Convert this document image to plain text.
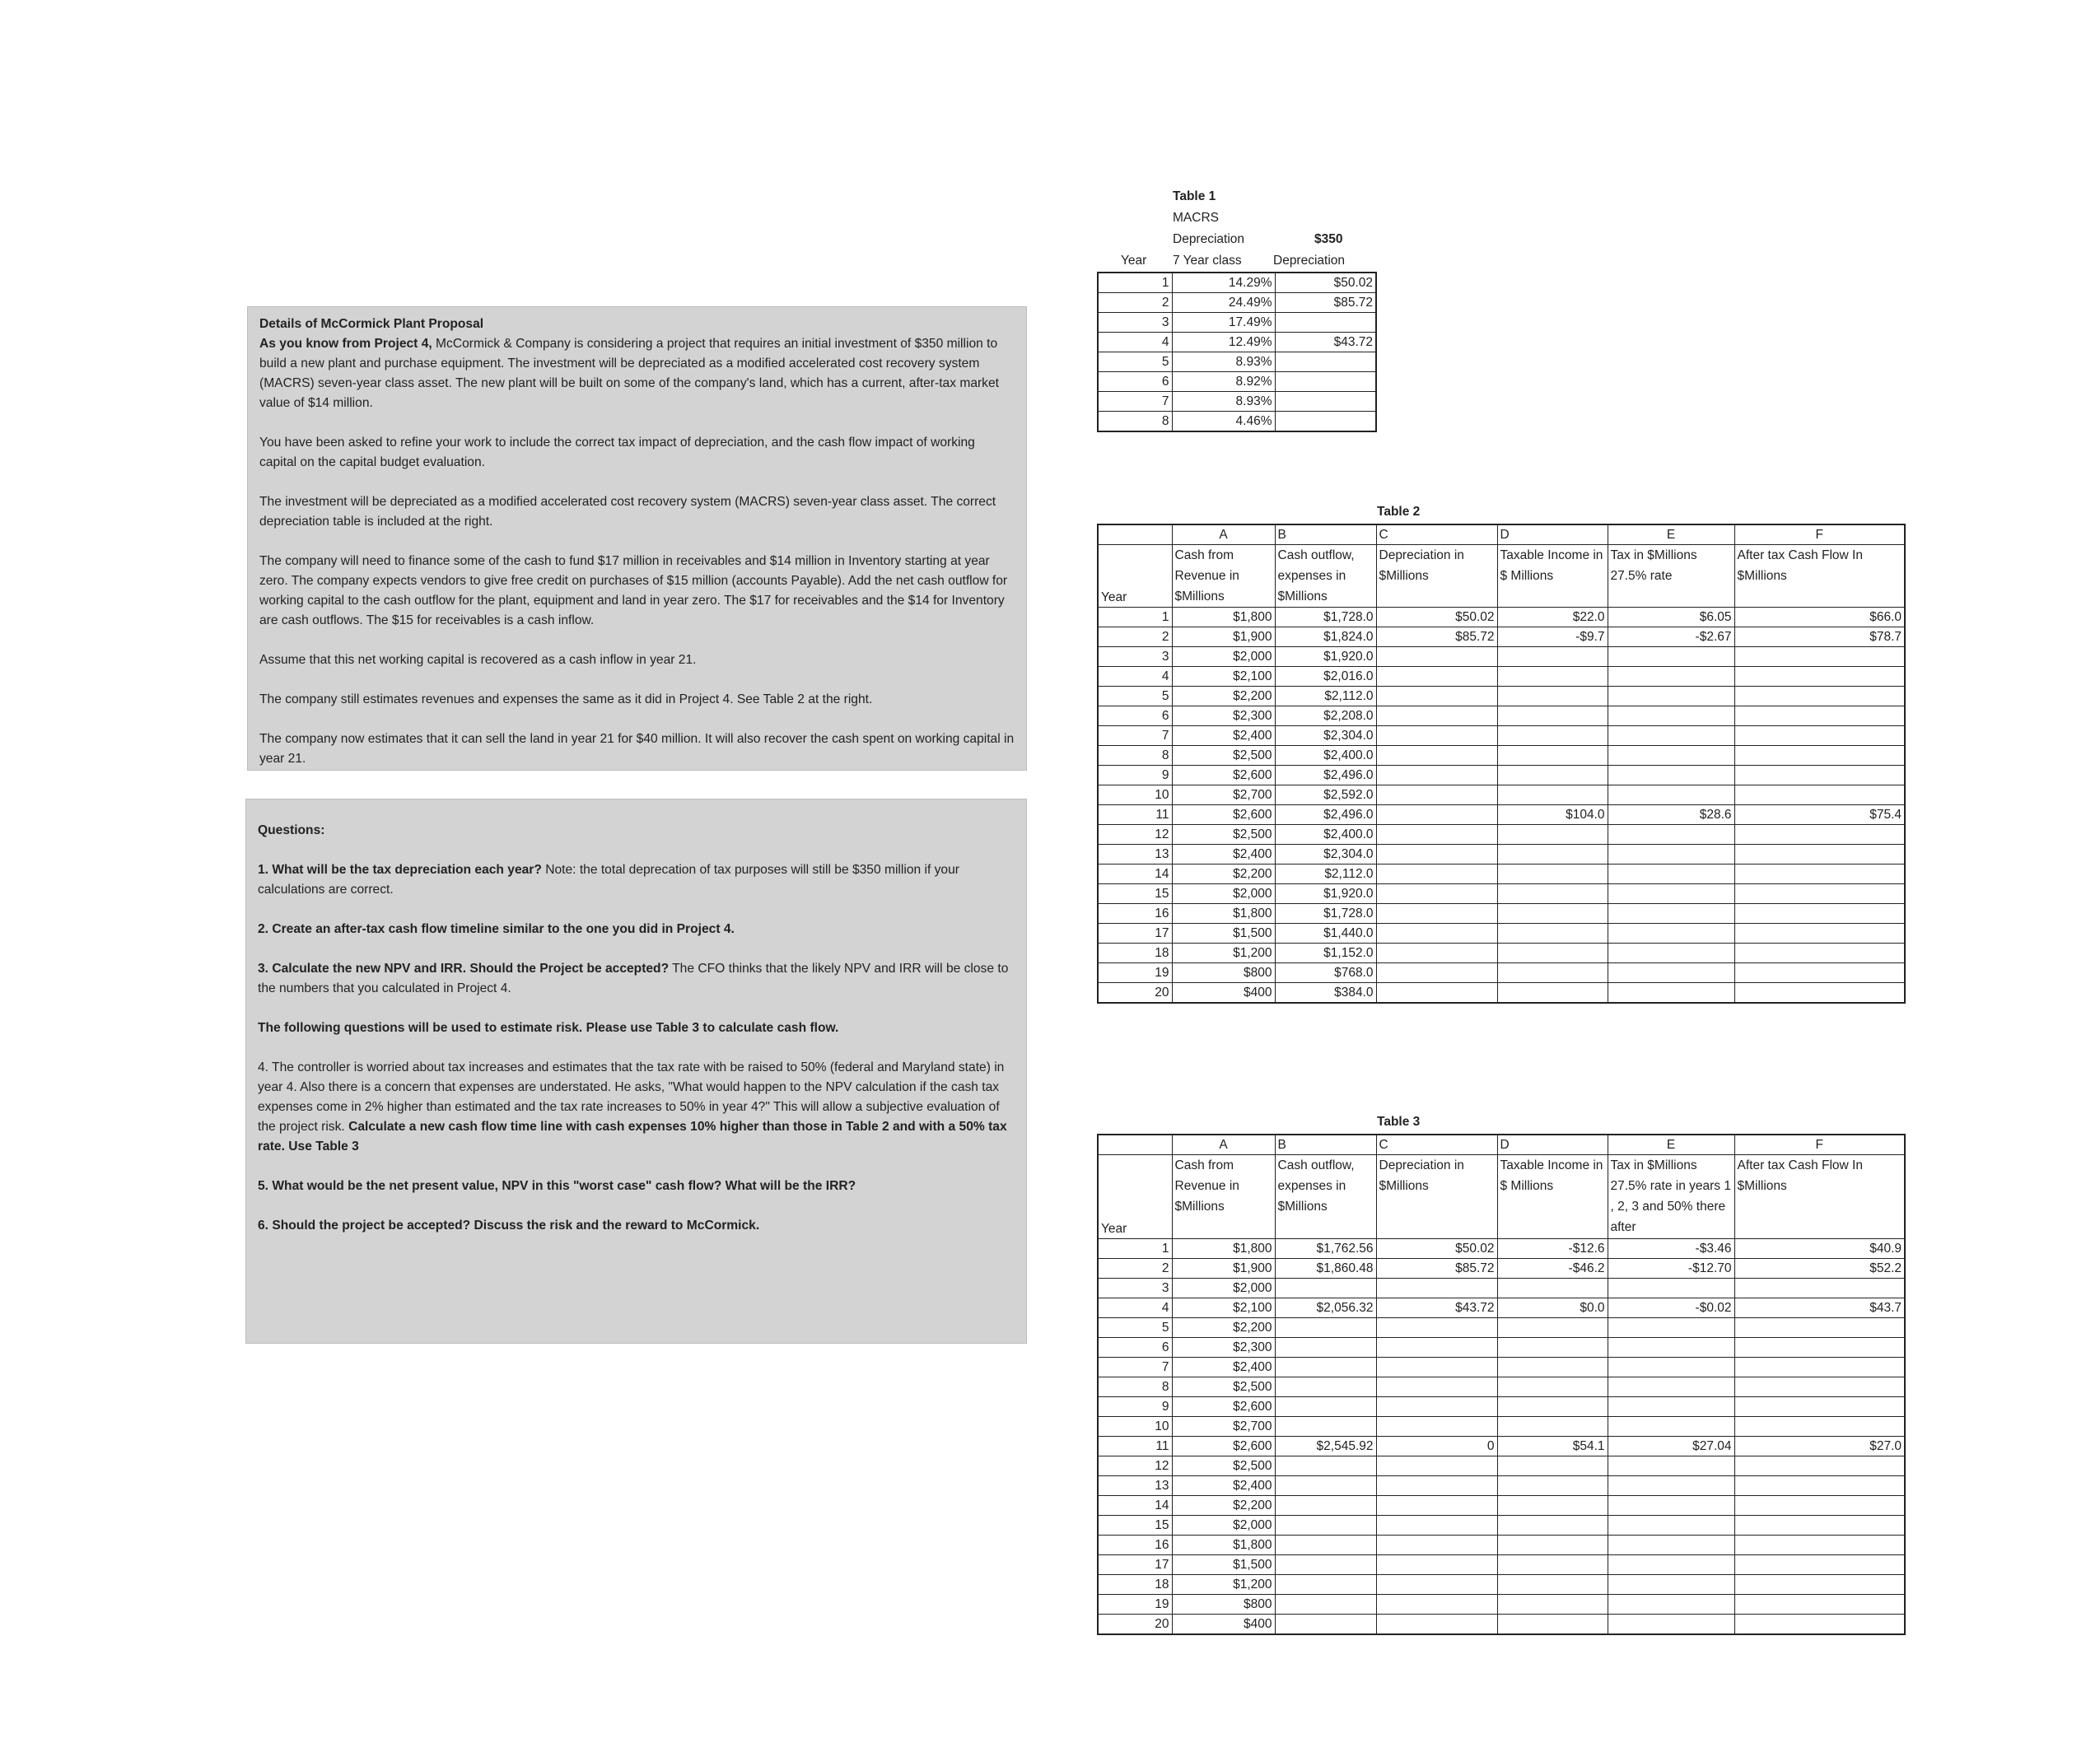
Details of McCormick Plant Proposal

As you know from Project 4, McCormick & Company is considering a project that requires an initial investment of $350 million to build a new plant and purchase equipment. The investment will be depreciated as a modified accelerated cost recovery system (MACRS) seven-year class asset. The new plant will be built on some of the company's land, which has a current, after-tax market value of $14 million.

You have been asked to refine your work to include the correct tax impact of depreciation, and the cash flow impact of working capital on the capital budget evaluation.

The investment will be depreciated as a modified accelerated cost recovery system (MACRS) seven-year class asset. The correct depreciation table is included at the right.

The company will need to finance some of the cash to fund $17 million in receivables and $14 million in Inventory starting at year zero. The company expects vendors to give free credit on purchases of $15 million (accounts Payable). Add the net cash outflow for working capital to the cash outflow for the plant, equipment and land in year zero. The $17 for receivables and the $14 for Inventory are cash outflows. The $15 for receivables is a cash inflow.

Assume that this net working capital is recovered as a cash inflow in year 21.

The company still estimates revenues and expenses the same as it did in Project 4. See Table 2 at the right.

The company now estimates that it can sell the land in year 21 for $40 million. It will also recover the cash spent on working capital in year 21.

Questions:

1. What will be the tax depreciation each year? Note: the total deprecation of tax purposes will still be $350 million if your calculations are correct.

2. Create an after-tax cash flow timeline similar to the one you did in Project 4.

3. Calculate the new NPV and IRR. Should the Project be accepted? The CFO thinks that the likely NPV and IRR will be close to the numbers that you calculated in Project 4.

The following questions will be used to estimate risk. Please use Table 3 to calculate cash flow.

4. The controller is worried about tax increases and estimates that the tax rate with be raised to 50% (federal and Maryland state) in year 4. Also there is a concern that expenses are understated. He asks, "What would happen to the NPV calculation if the cash tax expenses come in 2% higher than estimated and the tax rate increases to 50% in year 4?" This will allow a subjective evaluation of the project risk. Calculate a new cash flow time line with cash expenses 10% higher than those in Table 2 and with a 50% tax rate. Use Table 3

5. What would be the net present value, NPV in this "worst case" cash flow? What will be the IRR?

6. Should the project be accepted? Discuss the risk and the reward to McCormick.

Table 1
MACRS
Depreciation	$350
Year 7 Year class Depreciation
1	14.29%	$50.02
2	24.49%	$85.72
3	17.49%	
4	12.49%	$43.72
5	8.93%	
6	8.92%	
7	8.93%	
8	4.46%	
Table 2
	A	B	C	D	E	F
Year	Cash from Revenue in $Millions	Cash outflow, expenses in $Millions	Depreciation in $Millions	Taxable Income in $ Millions	Tax in $Millions 27.5% rate	After tax Cash Flow In $Millions
1	$1,800	$1,728.0	$50.02	$22.0	$6.05	$66.0
2	$1,900	$1,824.0	$85.72	-$9.7	-$2.67	$78.7
3	$2,000	$1,920.0				
4	$2,100	$2,016.0				
5	$2,200	$2,112.0				
6	$2,300	$2,208.0				
7	$2,400	$2,304.0				
8	$2,500	$2,400.0				
9	$2,600	$2,496.0				
10	$2,700	$2,592.0				
11	$2,600	$2,496.0		$104.0	$28.6	$75.4
12	$2,500	$2,400.0				
13	$2,400	$2,304.0				
14	$2,200	$2,112.0				
15	$2,000	$1,920.0				
16	$1,800	$1,728.0				
17	$1,500	$1,440.0				
18	$1,200	$1,152.0				
19	$800	$768.0				
20	$400	$384.0				
Table 3
	A	B	C	D	E	F
Year	Cash from Revenue in $Millions	Cash outflow, expenses in $Millions	Depreciation in $Millions	Taxable Income in $ Millions	Tax in $Millions 27.5% rate in years 1 , 2, 3 and 50% there after	After tax Cash Flow In $Millions
1	$1,800	$1,762.56	$50.02	-$12.6	-$3.46	$40.9
2	$1,900	$1,860.48	$85.72	-$46.2	-$12.70	$52.2
3	$2,000					
4	$2,100	$2,056.32	$43.72	$0.0	-$0.02	$43.7
5	$2,200					
6	$2,300					
7	$2,400					
8	$2,500					
9	$2,600					
10	$2,700					
11	$2,600	$2,545.92	0	$54.1	$27.04	$27.0
12	$2,500					
13	$2,400					
14	$2,200					
15	$2,000					
16	$1,800					
17	$1,500					
18	$1,200					
19	$800					
20	$400					
